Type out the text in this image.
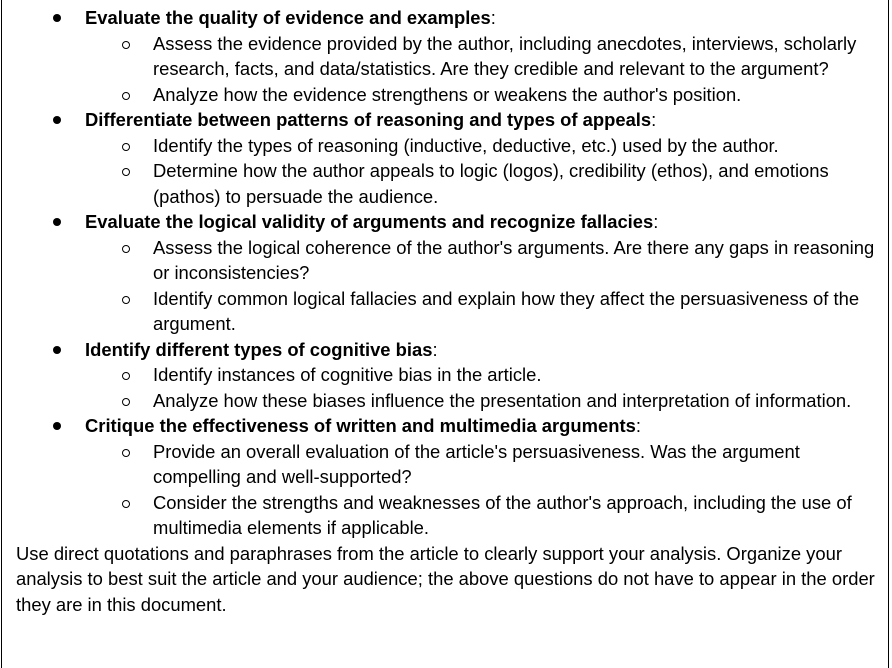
Evaluate the quality of evidence and examples:
Assess the evidence provided by the author, including anecdotes, interviews, scholarly research, facts, and data/statistics. Are they credible and relevant to the argument?
Analyze how the evidence strengthens or weakens the author's position.
Differentiate between patterns of reasoning and types of appeals:
Identify the types of reasoning (inductive, deductive, etc.) used by the author.
Determine how the author appeals to logic (logos), credibility (ethos), and emotions (pathos) to persuade the audience.
Evaluate the logical validity of arguments and recognize fallacies:
Assess the logical coherence of the author's arguments. Are there any gaps in reasoning or inconsistencies?
Identify common logical fallacies and explain how they affect the persuasiveness of the argument.
Identify different types of cognitive bias:
Identify instances of cognitive bias in the article.
Analyze how these biases influence the presentation and interpretation of information.
Critique the effectiveness of written and multimedia arguments:
Provide an overall evaluation of the article's persuasiveness. Was the argument compelling and well-supported?
Consider the strengths and weaknesses of the author's approach, including the use of multimedia elements if applicable.

Use direct quotations and paraphrases from the article to clearly support your analysis. Organize your analysis to best suit the article and your audience; the above questions do not have to appear in the order they are in this document.
